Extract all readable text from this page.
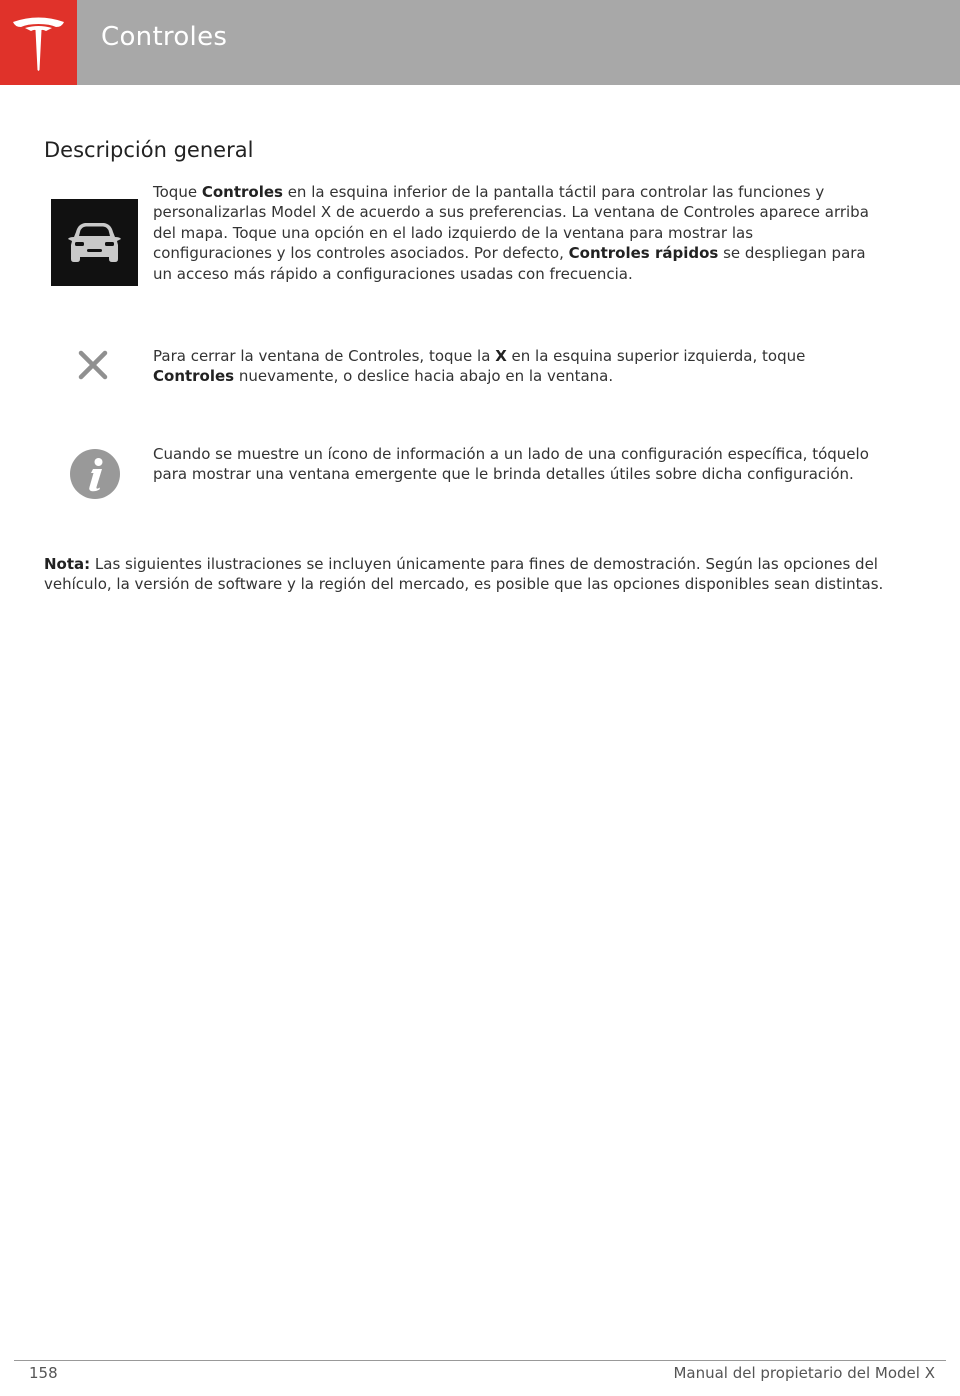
Controles
Descripción general
Toque Controles en la esquina inferior de la pantalla táctil para controlar las funciones y personalizarlas Model X de acuerdo a sus preferencias. La ventana de Controles aparece arriba del mapa. Toque una opción en el lado izquierdo de la ventana para mostrar las configuraciones y los controles asociados. Por defecto, Controles rápidos se despliegan para un acceso más rápido a configuraciones usadas con frecuencia.
Para cerrar la ventana de Controles, toque la X en la esquina superior izquierda, toque Controles nuevamente, o deslice hacia abajo en la ventana.
Cuando se muestre un ícono de información a un lado de una configuración específica, tóquelo para mostrar una ventana emergente que le brinda detalles útiles sobre dicha configuración.
Nota: Las siguientes ilustraciones se incluyen únicamente para fines de demostración. Según las opciones del vehículo, la versión de software y la región del mercado, es posible que las opciones disponibles sean distintas.
158	Manual del propietario del Model X
